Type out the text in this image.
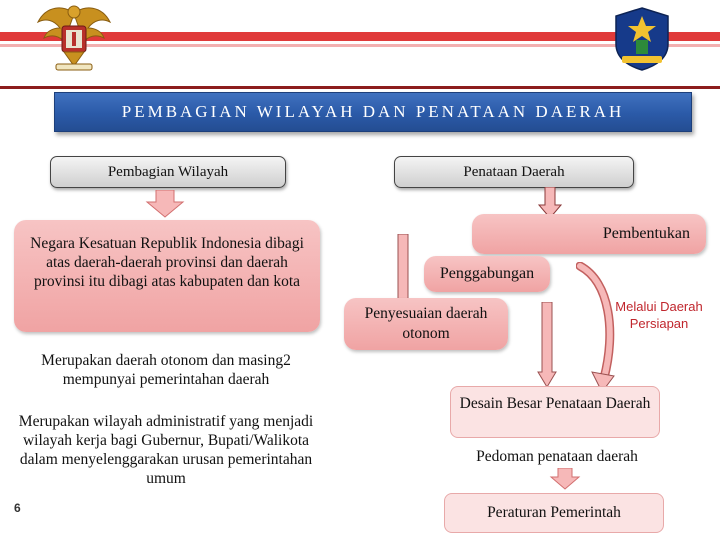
PEMBAGIAN WILAYAH DAN PENATAAN DAERAH
Pembagian Wilayah
Negara Kesatuan Republik Indonesia dibagi atas daerah-daerah provinsi dan daerah provinsi itu dibagi atas kabupaten dan kota
Merupakan daerah otonom dan masing2 mempunyai pemerintahan daerah
Merupakan wilayah administratif yang menjadi wilayah kerja bagi Gubernur, Bupati/Walikota dalam menyelenggarakan urusan pemerintahan umum
6
Penataan Daerah
Pembentukan
Penggabungan
Penyesuaian daerah otonom
Melalui Daerah Persiapan
Desain Besar Penataan Daerah
Pedoman penataan daerah
Peraturan Pemerintah
